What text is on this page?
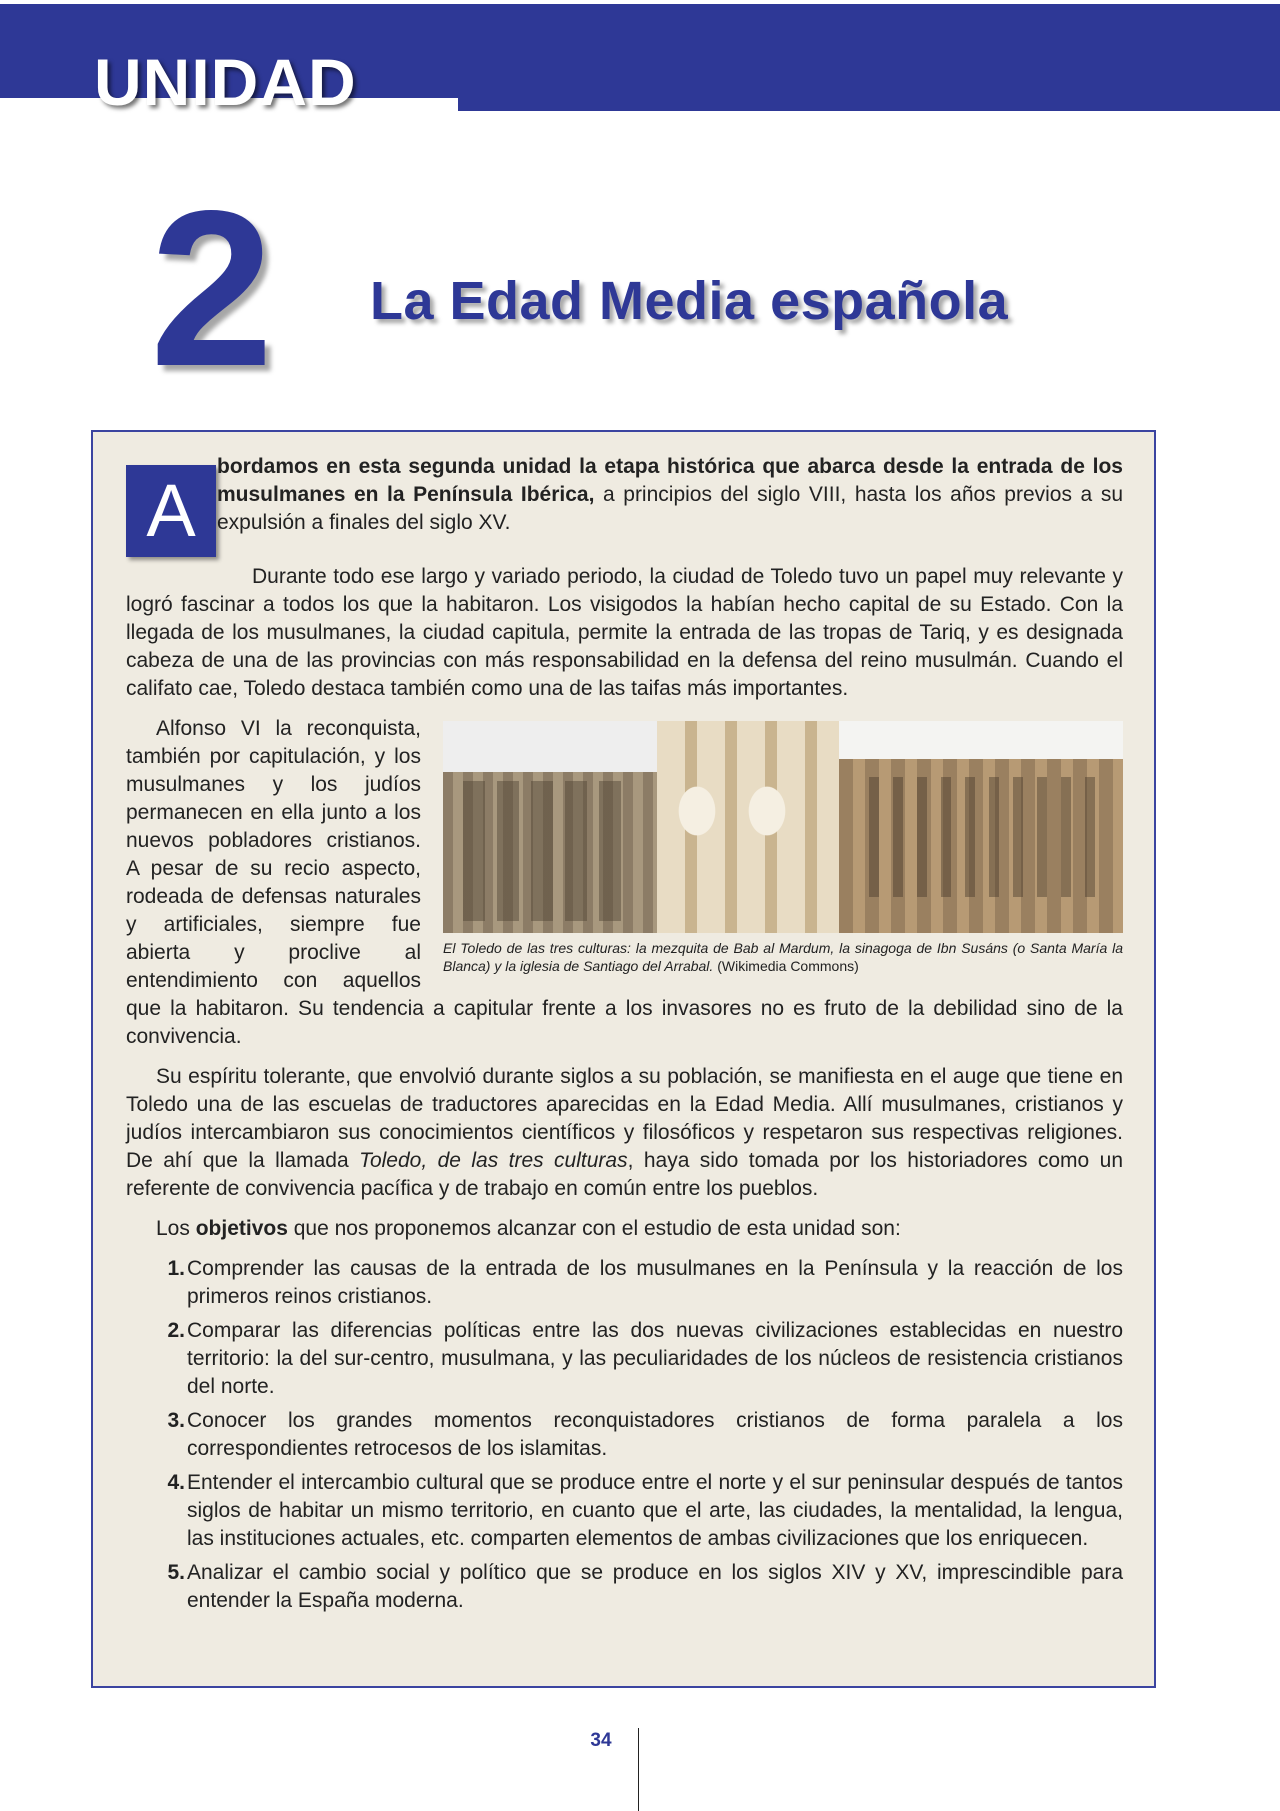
UNIDAD
2 La Edad Media española
A
bordamos en esta segunda unidad la etapa histórica que abarca desde la entrada de los musulmanes en la Península Ibérica, a principios del siglo VIII, hasta los años previos a su expulsión a finales del siglo XV.

Durante todo ese largo y variado periodo, la ciudad de Toledo tuvo un papel muy relevante y logró fascinar a todos los que la habitaron. Los visigodos la habían hecho capital de su Estado. Con la llegada de los musulmanes, la ciudad capitula, permite la entrada de las tropas de Tariq, y es designada cabeza de una de las provincias con más responsabilidad en la defensa del reino musulmán. Cuando el califato cae, Toledo destaca también como una de las taifas más importantes.

El Toledo de las tres culturas: la mezquita de Bab al Mardum, la sinagoga de Ibn Susáns (o Santa María la Blanca) y la iglesia de Santiago del Arrabal. (Wikimedia Commons)

Alfonso VI la reconquista, también por capitulación, y los musulmanes y los judíos permanecen en ella junto a los nuevos pobladores cristianos. A pesar de su recio aspecto, rodeada de defensas naturales y artificiales, siempre fue abierta y proclive al entendimiento con aquellos que la habitaron. Su tendencia a capitular frente a los invasores no es fruto de la debilidad sino de la convivencia.

Su espíritu tolerante, que envolvió durante siglos a su población, se manifiesta en el auge que tiene en Toledo una de las escuelas de traductores aparecidas en la Edad Media. Allí musulmanes, cristianos y judíos intercambiaron sus conocimientos científicos y filosóficos y respetaron sus respectivas religiones. De ahí que la llamada Toledo, de las tres culturas, haya sido tomada por los historiadores como un referente de convivencia pacífica y de trabajo en común entre los pueblos.

Los objetivos que nos proponemos alcanzar con el estudio de esta unidad son:

1. Comprender las causas de la entrada de los musulmanes en la Península y la reacción de los primeros reinos cristianos.
2. Comparar las diferencias políticas entre las dos nuevas civilizaciones establecidas en nuestro territorio: la del sur-centro, musulmana, y las peculiaridades de los núcleos de resistencia cristianos del norte.
3. Conocer los grandes momentos reconquistadores cristianos de forma paralela a los correspondientes retrocesos de los islamitas.
4. Entender el intercambio cultural que se produce entre el norte y el sur peninsular después de tantos siglos de habitar un mismo territorio, en cuanto que el arte, las ciudades, la mentalidad, la lengua, las instituciones actuales, etc. comparten elementos de ambas civilizaciones que los enriquecen.
5. Analizar el cambio social y político que se produce en los siglos XIV y XV, imprescindible para entender la España moderna.
34
